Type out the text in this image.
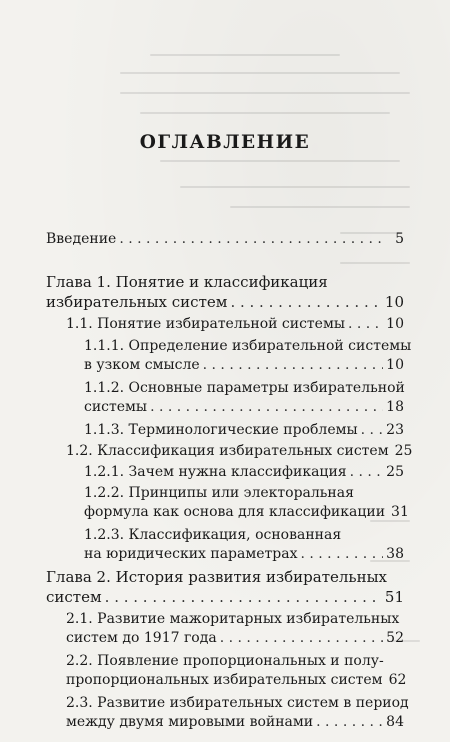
ОГЛАВЛЕНИЕ
Введение . . .	5
Глава 1. Понятие и классификация
избирательных систем . . .	10
1.1. Понятие избирательной системы . . .	10
1.1.1. Определение избирательной системы
в узком смысле . . .	10
1.1.2. Основные параметры избирательной
системы . . .	18
1.1.3. Терминологические проблемы . . . 23
1.2. Классификация избирательных систем 25
1.2.1. Зачем нужна классификация . . .	25
1.2.2. Принципы или электоральная
формула как основа для классификации 31
1.2.3. Классификация, основанная
на юридических параметрах . . .	38
Глава 2. История развития избирательных
систем . . .	51
2.1. Развитие мажоритарных избирательных
систем до 1917 года . . .	52
2.2. Появление пропорциональных и полу-
пропорциональных избирательных систем 62
2.3. Развитие избирательных систем в период
между двумя мировыми войнами . . .	84
